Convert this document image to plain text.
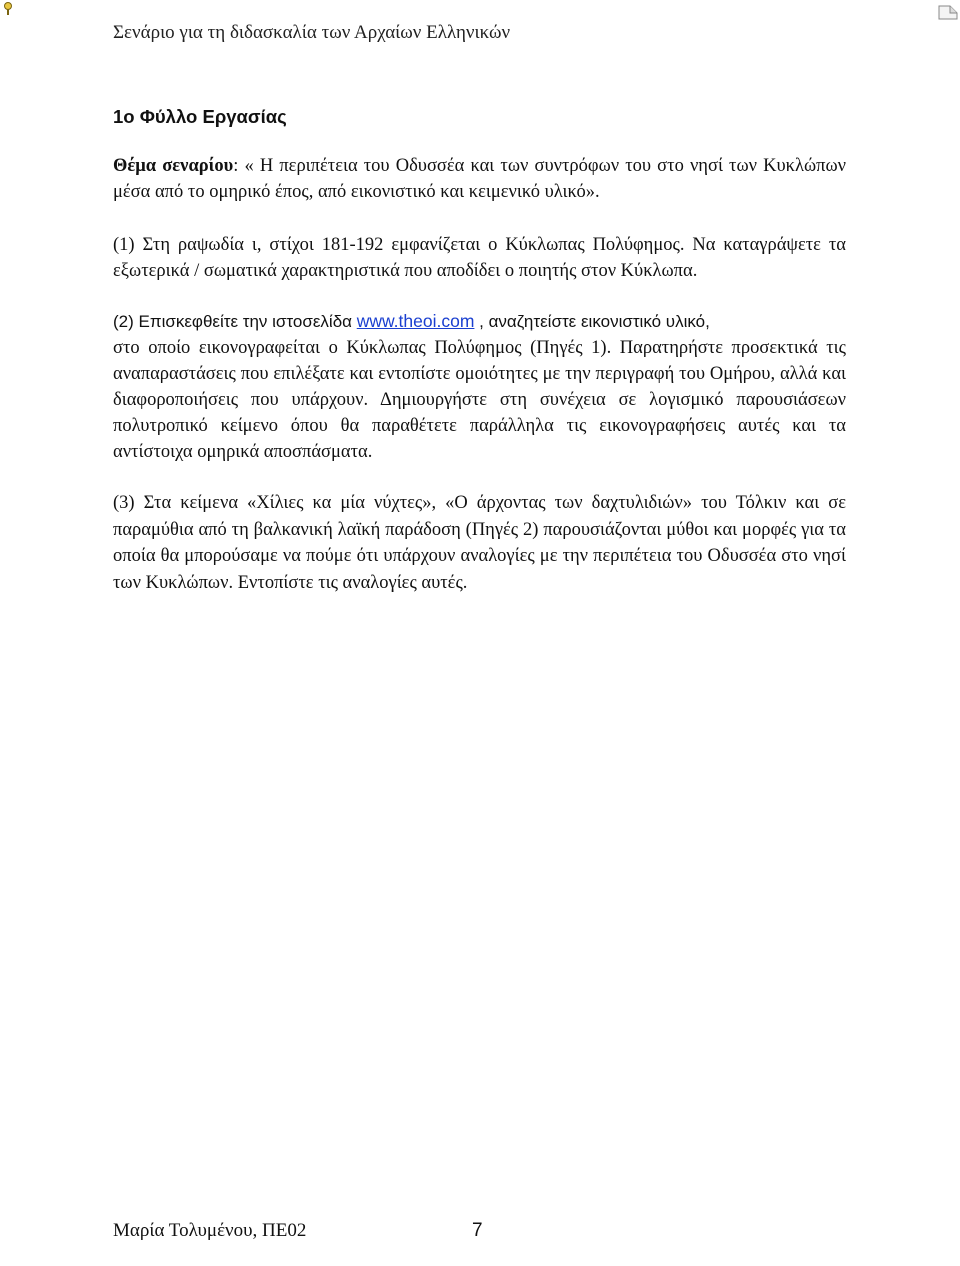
Σενάριο για τη διδασκαλία των Αρχαίων Ελληνικών
1ο Φύλλο Εργασίας

Θέμα σεναρίου: « Η περιπέτεια του Οδυσσέα και των συντρόφων του στο νησί των Κυκλώπων μέσα από το ομηρικό έπος, από εικονιστικό και κειμενικό υλικό».

(1) Στη ραψωδία ι, στίχοι 181-192 εμφανίζεται ο Κύκλωπας Πολύφημος. Να καταγράψετε τα εξωτερικά / σωματικά χαρακτηριστικά που αποδίδει ο ποιητής στον Κύκλωπα.

(2) Επισκεφθείτε την ιστοσελίδα www.theoi.com , αναζητείστε εικονιστικό υλικό,

στο οποίο εικονογραφείται ο Κύκλωπας Πολύφημος (Πηγές 1). Παρατηρήστε προσεκτικά τις αναπαραστάσεις που επιλέξατε και εντοπίστε ομοιότητες με την περιγραφή του Ομήρου, αλλά και διαφοροποιήσεις που υπάρχουν. Δημιουργήστε στη συνέχεια σε λογισμικό παρουσιάσεων πολυτροπικό κείμενο όπου θα παραθέτετε παράλληλα τις εικονογραφήσεις αυτές και τα αντίστοιχα ομηρικά αποσπάσματα.

(3) Στα κείμενα «Χίλιες κα μία νύχτες», «Ο άρχοντας των δαχτυλιδιών» του Τόλκιν και σε παραμύθια από τη βαλκανική λαϊκή παράδοση (Πηγές 2) παρουσιάζονται μύθοι και μορφές για τα οποία θα μπορούσαμε να πούμε ότι υπάρχουν αναλογίες με την περιπέτεια του Οδυσσέα στο νησί των Κυκλώπων. Εντοπίστε τις αναλογίες αυτές.

Μαρία Τολυμένου, ΠΕ02	7
